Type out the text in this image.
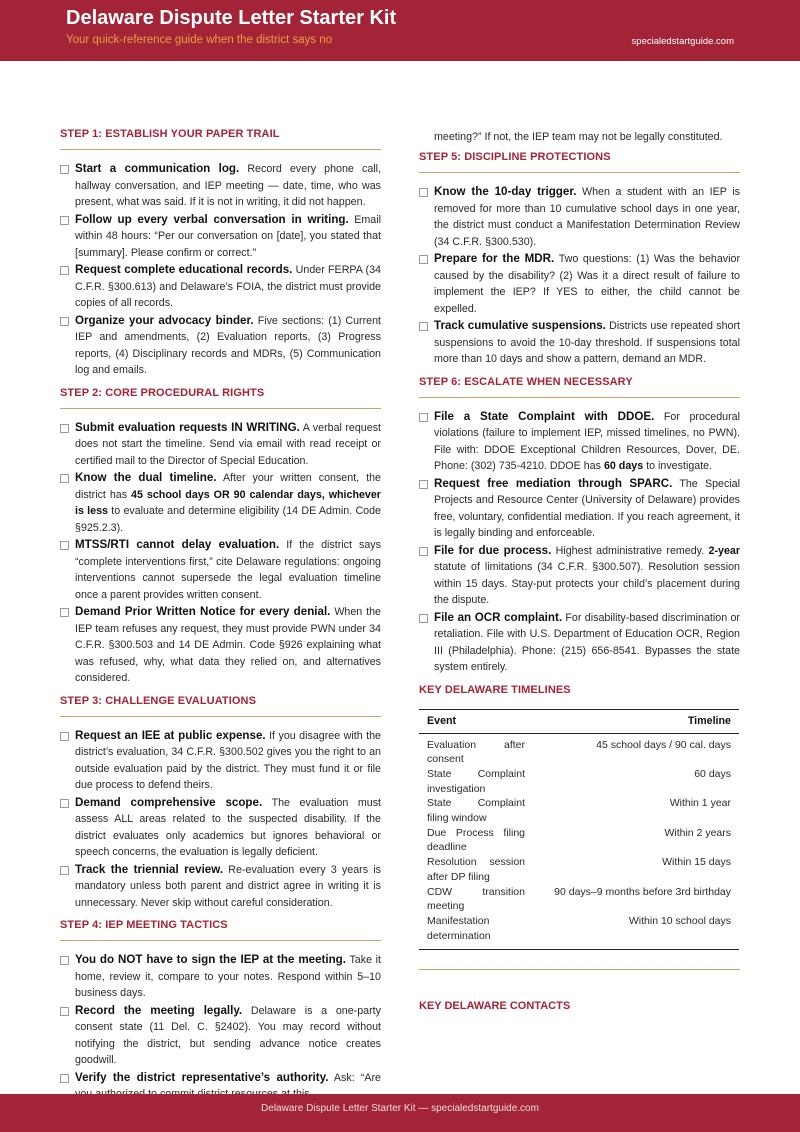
Delaware Dispute Letter Starter Kit
Your quick-reference guide when the district says no	specialedstartguide.com
STEP 1: ESTABLISH YOUR PAPER TRAIL
Start a communication log. Record every phone call, hallway conversation, and IEP meeting — date, time, who was present, what was said. If it is not in writing, it did not happen.
Follow up every verbal conversation in writing. Email within 48 hours: “Per our conversation on [date], you stated that [summary]. Please confirm or correct.”
Request complete educational records. Under FERPA (34 C.F.R. §300.613) and Delaware’s FOIA, the district must provide copies of all records.
Organize your advocacy binder. Five sections: (1) Current IEP and amendments, (2) Evaluation reports, (3) Progress reports, (4) Disciplinary records and MDRs, (5) Communication log and emails.
STEP 2: CORE PROCEDURAL RIGHTS
Submit evaluation requests IN WRITING. A verbal request does not start the timeline. Send via email with read receipt or certified mail to the Director of Special Education.
Know the dual timeline. After your written consent, the district has 45 school days OR 90 calendar days, whichever is less to evaluate and determine eligibility (14 DE Admin. Code §925.2.3).
MTSS/RTI cannot delay evaluation. If the district says “complete interventions first,” cite Delaware regulations: ongoing interventions cannot supersede the legal evaluation timeline once a parent provides written consent.
Demand Prior Written Notice for every denial. When the IEP team refuses any request, they must provide PWN under 34 C.F.R. §300.503 and 14 DE Admin. Code §926 explaining what was refused, why, what data they relied on, and alternatives considered.
STEP 3: CHALLENGE EVALUATIONS
Request an IEE at public expense. If you disagree with the district’s evaluation, 34 C.F.R. §300.502 gives you the right to an outside evaluation paid by the district. They must fund it or file due process to defend theirs.
Demand comprehensive scope. The evaluation must assess ALL areas related to the suspected disability. If the district evaluates only academics but ignores behavioral or speech concerns, the evaluation is legally deficient.
Track the triennial review. Re-evaluation every 3 years is mandatory unless both parent and district agree in writing it is unnecessary. Never skip without careful consideration.
STEP 4: IEP MEETING TACTICS
You do NOT have to sign the IEP at the meeting. Take it home, review it, compare to your notes. Respond within 5–10 business days.
Record the meeting legally. Delaware is a one-party consent state (11 Del. C. §2402). You may record without notifying the district, but sending advance notice creates goodwill.
Verify the district representative’s authority. Ask: “Are
meeting?” If not, the IEP team may not be legally constituted.
STEP 5: DISCIPLINE PROTECTIONS
Know the 10-day trigger. When a student with an IEP is removed for more than 10 cumulative school days in one year, the district must conduct a Manifestation Determination Review (34 C.F.R. §300.530).
Prepare for the MDR. Two questions: (1) Was the behavior caused by the disability? (2) Was it a direct result of failure to implement the IEP? If YES to either, the child cannot be expelled.
Track cumulative suspensions. Districts use repeated short suspensions to avoid the 10-day threshold. If suspensions total more than 10 days and show a pattern, demand an MDR.
STEP 6: ESCALATE WHEN NECESSARY
File a State Complaint with DDOE. For procedural violations (failure to implement IEP, missed timelines, no PWN). File with: DDOE Exceptional Children Resources, Dover, DE. Phone: (302) 735-4210. DDOE has 60 days to investigate.
Request free mediation through SPARC. The Special Projects and Resource Center (University of Delaware) provides free, voluntary, confidential mediation. If you reach agreement, it is legally binding and enforceable.
File for due process. Highest administrative remedy. 2-year statute of limitations (34 C.F.R. §300.507). Resolution session within 15 days. Stay-put protects your child’s placement during the dispute.
File an OCR complaint. For disability-based discrimination or retaliation. File with U.S. Department of Education OCR, Region III (Philadelphia). Phone: (215) 656-8541. Bypasses the state system entirely.
KEY DELAWARE TIMELINES
Event	Timeline
Evaluation after consent	45 school days / 90 cal. days
State Complaint investigation	60 days
State Complaint filing window	Within 1 year
Due Process filing deadline	Within 2 years
Resolution session after DP filing	Within 15 days
CDW transition meeting	90 days–9 months before 3rd birthday
Manifestation determination	Within 10 school days
KEY DELAWARE CONTACTS
Delaware Dispute Letter Starter Kit — specialedstartguide.com
